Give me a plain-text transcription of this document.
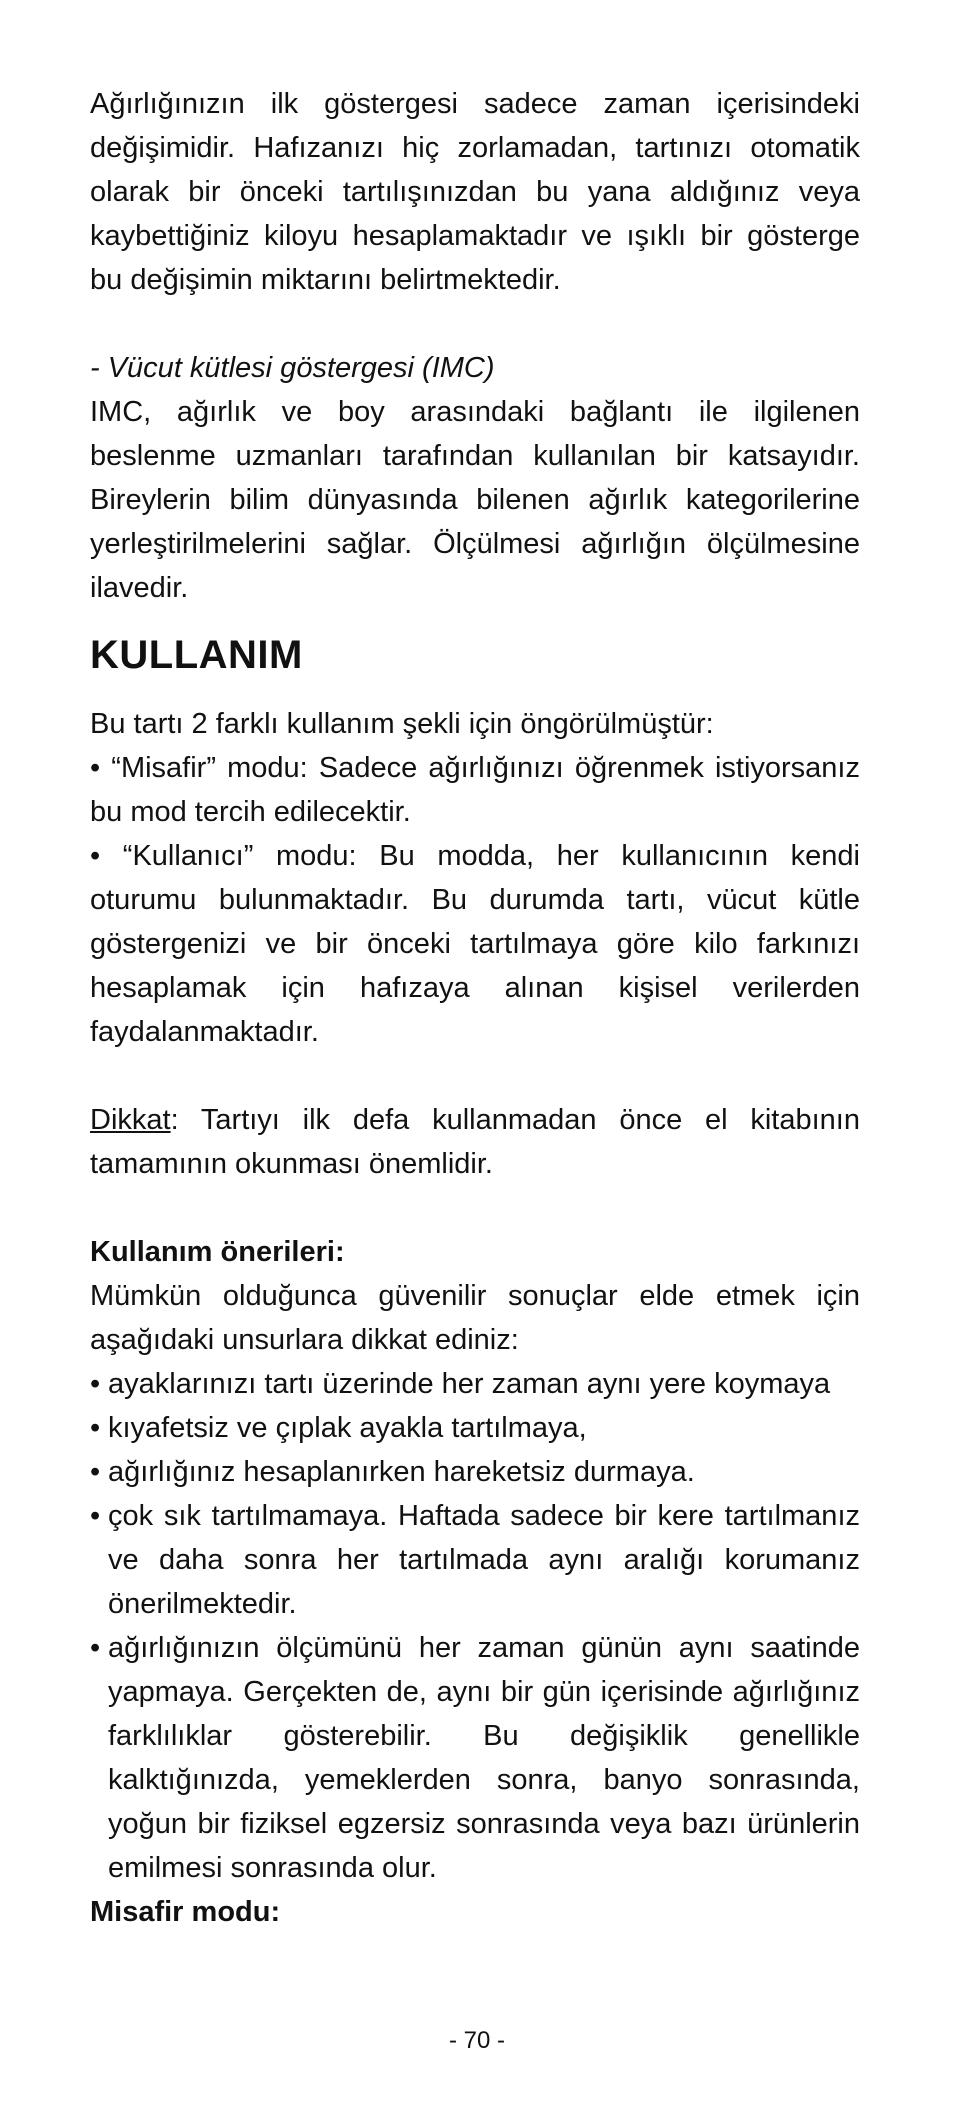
Ağırlığınızın ilk göstergesi sadece zaman içerisindeki değişimidir. Hafızanızı hiç zorlamadan, tartınızı otomatik olarak bir önceki tartılışınızdan bu yana aldığınız veya kaybettiğiniz kiloyu hesaplamaktadır ve ışıklı bir gösterge bu değişimin miktarını belirtmektedir.

- Vücut kütlesi göstergesi (IMC)

IMC, ağırlık ve boy arasındaki bağlantı ile ilgilenen beslenme uzmanları tarafından kullanılan bir katsayıdır. Bireylerin bilim dünyasında bilenen ağırlık kategorilerine yerleştirilmelerini sağlar. Ölçülmesi ağırlığın ölçülmesine ilavedir.

KULLANIM

Bu tartı 2 farklı kullanım şekli için öngörülmüştür:

• “Misafir” modu: Sadece ağırlığınızı öğrenmek istiyorsanız bu mod tercih edilecektir.

• “Kullanıcı” modu: Bu modda, her kullanıcının kendi oturumu bulunmaktadır. Bu durumda tartı, vücut kütle göstergenizi ve bir önceki tartılmaya göre kilo farkınızı hesaplamak için hafızaya alınan kişisel verilerden faydalanmaktadır.

Dikkat: Tartıyı ilk defa kullanmadan önce el kitabının tamamının okunması önemlidir.

Kullanım önerileri:

Mümkün olduğunca güvenilir sonuçlar elde etmek için aşağıdaki unsurlara dikkat ediniz:

• ayaklarınızı tartı üzerinde her zaman aynı yere koymaya
• kıyafetsiz ve çıplak ayakla tartılmaya,
• ağırlığınız hesaplanırken hareketsiz durmaya.
• çok sık tartılmamaya. Haftada sadece bir kere tartılmanız ve daha sonra her tartılmada aynı aralığı korumanız önerilmektedir.
• ağırlığınızın ölçümünü her zaman günün aynı saatinde yapmaya. Gerçekten de, aynı bir gün içerisinde ağırlığınız farklılıklar gösterebilir. Bu değişiklik genellikle kalktığınızda, yemeklerden sonra, banyo sonrasında, yoğun bir fiziksel egzersiz sonrasında veya bazı ürünlerin emilmesi sonrasında olur.

Misafir modu:

- 70 -
